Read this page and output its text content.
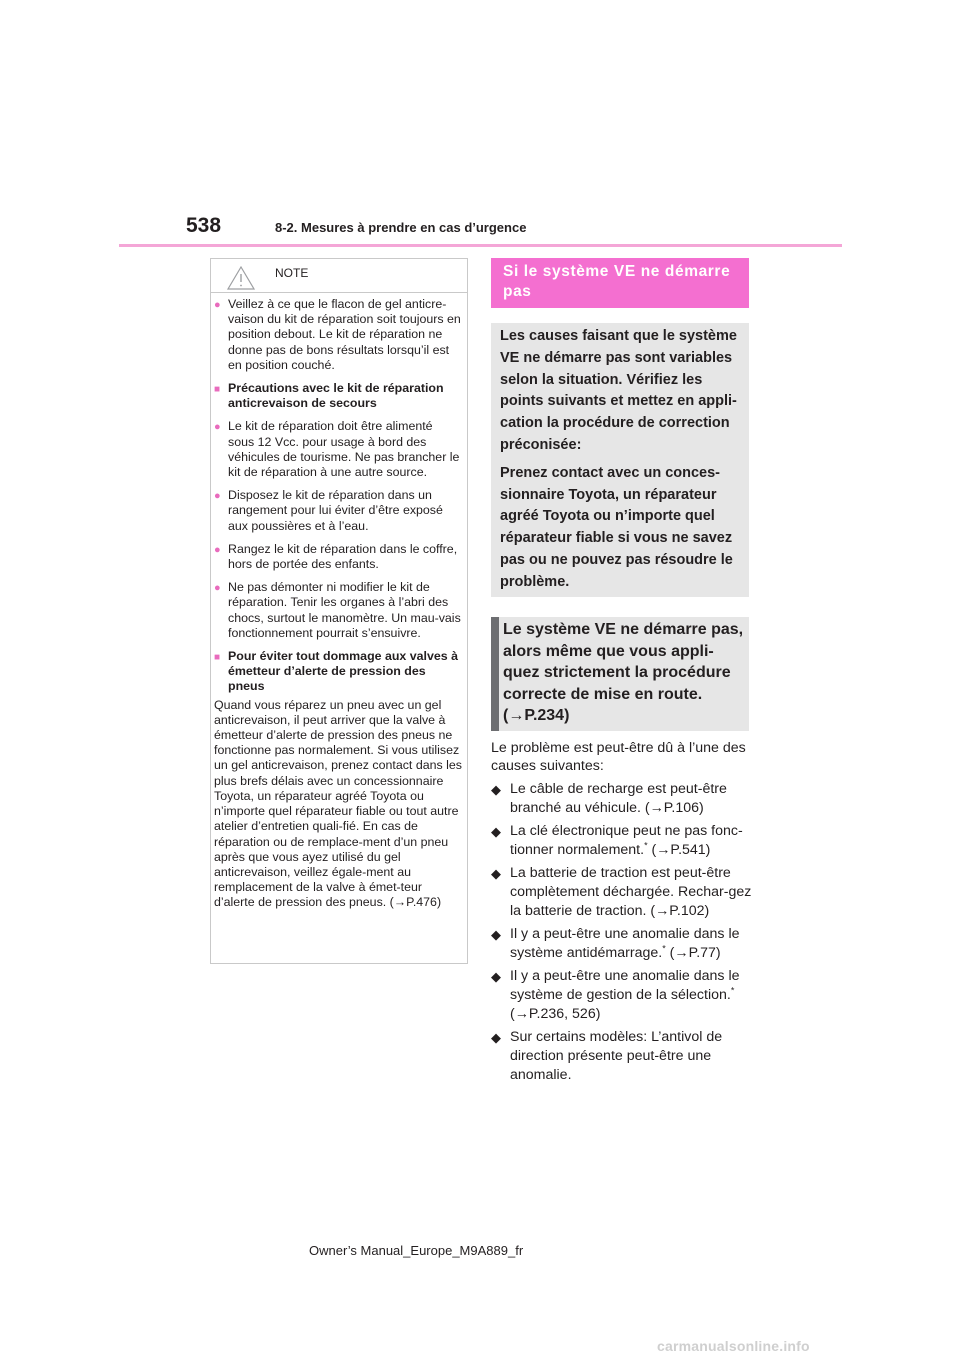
538	8-2. Mesures à prendre en cas d’urgence
NOTE
● Veillez à ce que le flacon de gel anticre-vaison du kit de réparation soit toujours en position debout. Le kit de réparation ne donne pas de bons résultats lorsqu’il est en position couché.
■ Précautions avec le kit de réparation anticrevaison de secours
● Le kit de réparation doit être alimenté sous 12 Vcc. pour usage à bord des véhicules de tourisme. Ne pas brancher le kit de réparation à une autre source.
● Disposez le kit de réparation dans un rangement pour lui éviter d’être exposé aux poussières et à l’eau.
● Rangez le kit de réparation dans le coffre, hors de portée des enfants.
● Ne pas démonter ni modifier le kit de réparation. Tenir les organes à l’abri des chocs, surtout le manomètre. Un mau-vais fonctionnement pourrait s’ensuivre.
■ Pour éviter tout dommage aux valves à émetteur d’alerte de pression des pneus
Quand vous réparez un pneu avec un gel anticrevaison, il peut arriver que la valve à émetteur d’alerte de pression des pneus ne fonctionne pas normalement. Si vous utilisez un gel anticrevaison, prenez contact dans les plus brefs délais avec un concessionnaire Toyota, un réparateur agréé Toyota ou n’importe quel réparateur fiable ou tout autre atelier d’entretien quali-fié. En cas de réparation ou de remplace-ment d’un pneu après que vous ayez utilisé du gel anticrevaison, veillez égale-ment au remplacement de la valve à émet-teur d’alerte de pression des pneus. (→P.476)
Si le système VE ne démarre pas

Les causes faisant que le système VE ne démarre pas sont variables selon la situation. Vérifiez les points suivants et mettez en appli-cation la procédure de correction préconisée:

Prenez contact avec un conces-sionnaire Toyota, un réparateur agréé Toyota ou n’importe quel réparateur fiable si vous ne savez pas ou ne pouvez pas résoudre le problème.

Le système VE ne démarre pas, alors même que vous appli-quez strictement la procédure correcte de mise en route. (→P.234)
Le problème est peut-être dû à l’une des causes suivantes:
◆ Le câble de recharge est peut-être branché au véhicule. (→P.106)
◆ La clé électronique peut ne pas fonc-tionner normalement.* (→P.541)
◆ La batterie de traction est peut-être complètement déchargée. Rechar-gez la batterie de traction. (→P.102)
◆ Il y a peut-être une anomalie dans le système antidémarrage.* (→P.77)
◆ Il y a peut-être une anomalie dans le système de gestion de la sélection.* (→P.236, 526)
◆ Sur certains modèles: L’antivol de direction présente peut-être une anomalie.
Owner’s Manual_Europe_M9A889_fr
carmanualsonline.info
